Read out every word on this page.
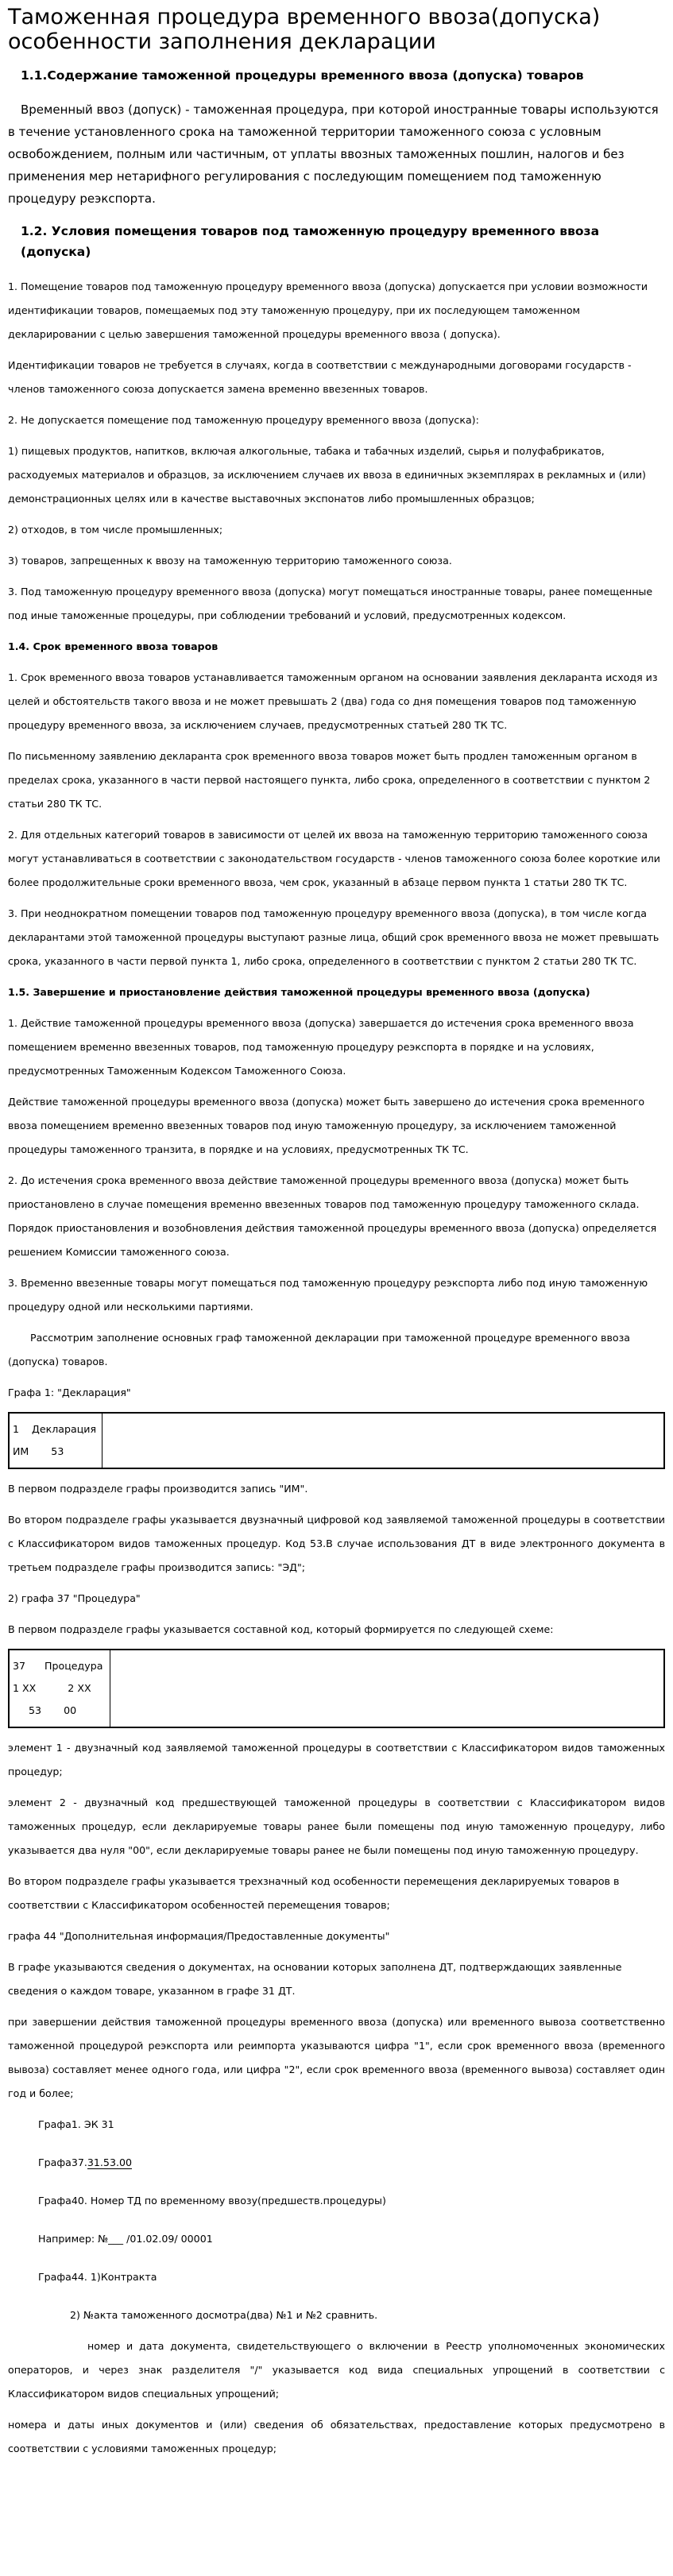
Таможенная процедура временного ввоза(допуска) особенности заполнения декларации
1.1.Содержание таможенной процедуры временного ввоза (допуска) товаров
Временный ввоз (допуск) - таможенная процедура, при которой иностранные товары используются в течение установленного срока на таможенной территории таможенного союза с условным освобождением, полным или частичным, от уплаты ввозных таможенных пошлин, налогов и без применения мер нетарифного регулирования с последующим помещением под таможенную процедуру реэкспорта.
1.2. Условия помещения товаров под таможенную процедуру временного ввоза (допуска)
1. Помещение товаров под таможенную процедуру временного ввоза (допуска) допускается при условии возможности идентификации товаров, помещаемых под эту таможенную процедуру, при их последующем таможенном декларировании с целью завершения таможенной процедуры временного ввоза ( допуска).
Идентификации товаров не требуется в случаях, когда в соответствии с международными договорами государств - членов таможенного союза допускается замена временно ввезенных товаров.
2. Не допускается помещение под таможенную процедуру временного ввоза (допуска):
1) пищевых продуктов, напитков, включая алкогольные, табака и табачных изделий, сырья и полуфабрикатов, расходуемых материалов и образцов, за исключением случаев их ввоза в единичных экземплярах в рекламных и (или) демонстрационных целях или в качестве выставочных экспонатов либо промышленных образцов;
2) отходов, в том числе промышленных;
3) товаров, запрещенных к ввозу на таможенную территорию таможенного союза.
3. Под таможенную процедуру временного ввоза (допуска) могут помещаться иностранные товары, ранее помещенные под иные таможенные процедуры, при соблюдении требований и условий, предусмотренных кодексом.
1.4. Срок временного ввоза товаров
1. Срок временного ввоза товаров устанавливается таможенным органом на основании заявления декларанта исходя из целей и обстоятельств такого ввоза и не может превышать 2 (два) года со дня помещения товаров под таможенную процедуру временного ввоза, за исключением случаев, предусмотренных статьей 280 ТК ТС.
По письменному заявлению декларанта срок временного ввоза товаров может быть продлен таможенным органом в пределах срока, указанного в части первой настоящего пункта, либо срока, определенного в соответствии с пунктом 2 статьи 280 ТК ТС.
2. Для отдельных категорий товаров в зависимости от целей их ввоза на таможенную территорию таможенного союза могут устанавливаться в соответствии с законодательством государств - членов таможенного союза более короткие или более продолжительные сроки временного ввоза, чем срок, указанный в абзаце первом пункта 1 статьи 280 ТК ТС.
3. При неоднократном помещении товаров под таможенную процедуру временного ввоза (допуска), в том числе когда декларантами этой таможенной процедуры выступают разные лица, общий срок временного ввоза не может превышать срока, указанного в части первой пункта 1, либо срока, определенного в соответствии с пунктом 2 статьи 280 ТК ТС.
1.5. Завершение и приостановление действия таможенной процедуры временного ввоза (допуска)
1. Действие таможенной процедуры временного ввоза (допуска) завершается до истечения срока временного ввоза помещением временно ввезенных товаров, под таможенную процедуру реэкспорта в порядке и на условиях, предусмотренных Таможенным Кодексом Таможенного Союза.
Действие таможенной процедуры временного ввоза (допуска) может быть завершено до истечения срока временного ввоза помещением временно ввезенных товаров под иную таможенную процедуру, за исключением таможенной процедуры таможенного транзита, в порядке и на условиях, предусмотренных ТК ТС.
2. До истечения срока временного ввоза действие таможенной процедуры временного ввоза (допуска) может быть приостановлено в случае помещения временно ввезенных товаров под таможенную процедуру таможенного склада. Порядок приостановления и возобновления действия таможенной процедуры временного ввоза (допуска) определяется решением Комиссии таможенного союза.
3. Временно ввезенные товары могут помещаться под таможенную процедуру реэкспорта либо под иную таможенную процедуру одной или несколькими партиями.
Рассмотрим заполнение основных граф таможенной декларации при таможенной процедуре временного ввоза (допуска) товаров.
Графа 1: "Декларация"
1    Декларация
ИМ       53

В первом подразделе графы производится запись "ИМ".
Во втором подразделе графы указывается двузначный цифровой код заявляемой таможенной процедуры в соответствии с Классификатором видов таможенных процедур. Код 53.В случае использования ДТ в виде электронного документа в третьем подразделе графы производится запись: "ЭД";
2) графа 37 "Процедура"
В первом подразделе графы указывается составной код, который формируется по следующей схеме:
37      Процедура
1 ХХ          2 ХХ
53       00

элемент 1 - двузначный код заявляемой таможенной процедуры в соответствии с Классификатором видов таможенных процедур;
элемент 2 - двузначный код предшествующей таможенной процедуры в соответствии с Классификатором видов таможенных процедур, если декларируемые товары ранее были помещены под иную таможенную процедуру, либо указывается два нуля "00", если декларируемые товары ранее не были помещены под иную таможенную процедуру.
Во втором подразделе графы указывается трехзначный код особенности перемещения декларируемых товаров в соответствии с Классификатором особенностей перемещения товаров;
графа 44 "Дополнительная информация/Предоставленные документы"
В графе указываются сведения о документах, на основании которых заполнена ДТ, подтверждающих заявленные сведения о каждом товаре, указанном в графе 31 ДТ.
при завершении действия таможенной процедуры временного ввоза (допуска) или временного вывоза соответственно таможенной процедурой реэкспорта или реимпорта указываются цифра "1", если срок временного ввоза (временного вывоза) составляет менее одного года, или цифра "2", если срок временного ввоза (временного вывоза) составляет один год и более;
Графа1. ЭК 31
Графа37.31.53.00
Графа40. Номер ТД по временному ввозу(предшеств.процедуры)
Например: №___ /01.02.09/ 00001
Графа44. 1)Контракта
2) №акта таможенного досмотра(два) №1 и №2 сравнить.
номер и дата документа, свидетельствующего о включении в Реестр уполномоченных экономических операторов, и через знак разделителя "/" указывается код вида специальных упрощений в соответствии с Классификатором видов специальных упрощений;
номера и даты иных документов и (или) сведения об обязательствах, предоставление которых предусмотрено в соответствии с условиями таможенных процедур;
